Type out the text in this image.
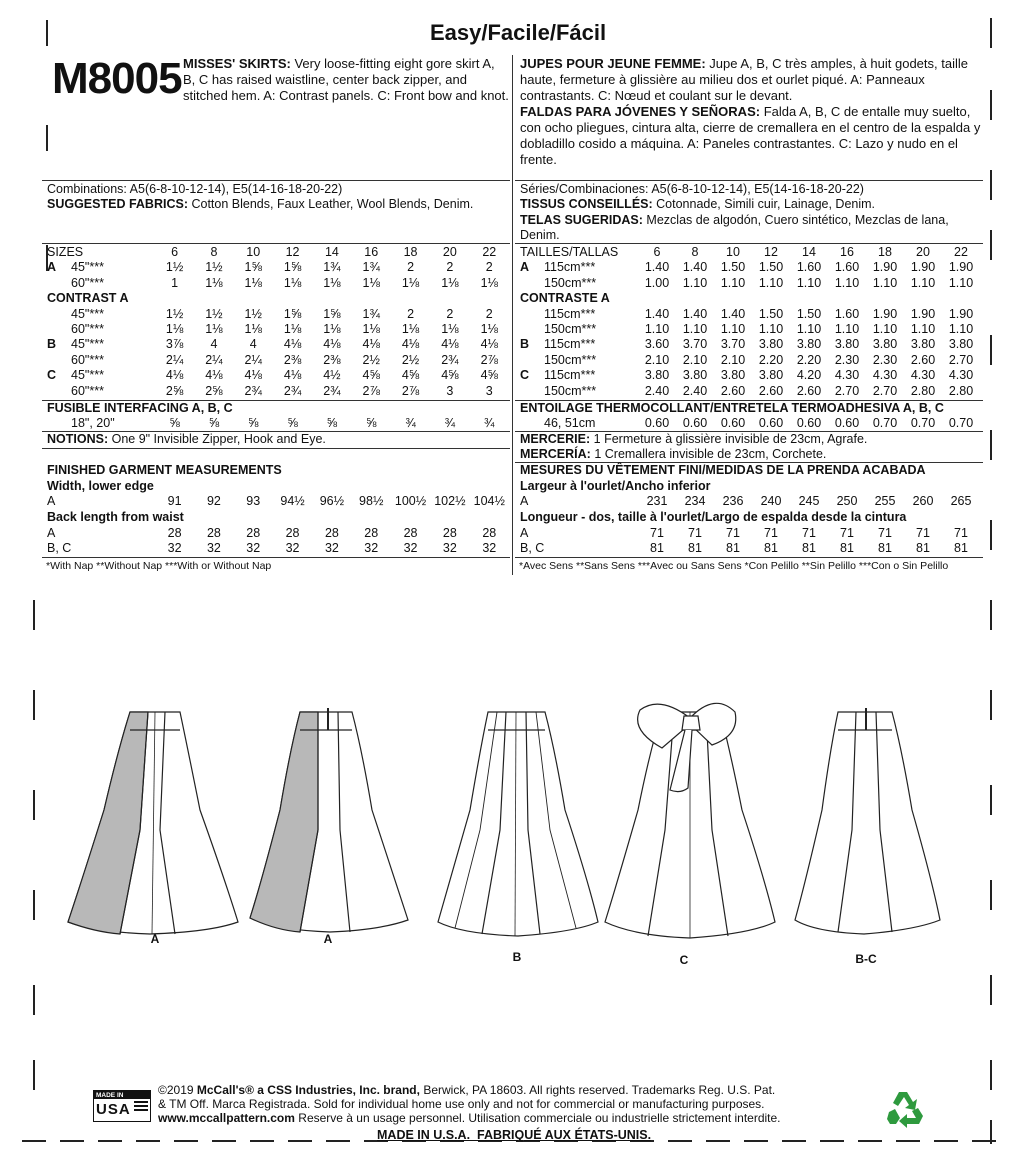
Easy/Facile/Fácil
M8005 MISSES' SKIRTS: Very loose-fitting eight gore skirt A, B, C has raised waistline, center back zipper, and stitched hem. A: Contrast panels. C: Front bow and knot.
JUPES POUR JEUNE FEMME: Jupe A, B, C très amples, à huit godets, taille haute, fermeture à glissière au milieu dos et ourlet piqué. A: Panneaux contrastants. C: Nœud et coulant sur le devant.
FALDAS PARA JÓVENES Y SEÑORAS: Falda A, B, C de entalle muy suelto, con ocho pliegues, cintura alta, cierre de cremallera en el centro de la espalda y dobladillo cosido a máquina. A: Paneles contrastantes. C: Lazo y nudo en el frente.
Combinations: A5(6-8-10-12-14), E5(14-16-18-20-22)
SUGGESTED FABRICS: Cotton Blends, Faux Leather, Wool Blends, Denim.
SIZES	6	8	10	12	14	16	18	20	22
A 45"***	1½	1½	1⅝	1⅝	1¾	1¾	2	2	2
60"***	1	1⅛	1⅛	1⅛	1⅛	1⅛	1⅛	1⅛	1⅛
CONTRAST A									
45"***	1½	1½	1½	1⅝	1⅝	1¾	2	2	2
60"***	1⅛	1⅛	1⅛	1⅛	1⅛	1⅛	1⅛	1⅛	1⅛
B 45"***	3⅞	4	4	4⅛	4⅛	4⅛	4⅛	4⅛	4⅛
60"***	2¼	2¼	2¼	2⅜	2⅜	2½	2½	2¾	2⅞
C 45"***	4⅛	4⅛	4⅛	4⅛	4½	4⅝	4⅝	4⅝	4⅝
60"***	2⅝	2⅝	2¾	2¾	2¾	2⅞	2⅞	3	3
FUSIBLE INTERFACING A, B, C
18", 20"	⅝	⅝	⅝	⅝	⅝	⅝	¾	¾	¾
NOTIONS: One 9" Invisible Zipper, Hook and Eye.
FINISHED GARMENT MEASUREMENTS
Width, lower edge
A	91	92	93	94½	96½	98½	100½	102½	104½
Back length from waist
A	28	28	28	28	28	28	28	28	28
B, C	32	32	32	32	32	32	32	32	32
*With Nap **Without Nap ***With or Without Nap
Séries/Combinaciones: A5(6-8-10-12-14), E5(14-16-18-20-22)
TISSUS CONSEILLÉS: Cotonnade, Simili cuir, Lainage, Denim.
TELAS SUGERIDAS: Mezclas de algodón, Cuero sintético, Mezclas de lana, Denim.
TAILLES/TALLAS	6	8	10	12	14	16	18	20	22
A 115cm***	1.40	1.40	1.50	1.50	1.60	1.60	1.90	1.90	1.90
150cm***	1.00	1.10	1.10	1.10	1.10	1.10	1.10	1.10	1.10
CONTRASTE A									
115cm***	1.40	1.40	1.40	1.50	1.50	1.60	1.90	1.90	1.90
150cm***	1.10	1.10	1.10	1.10	1.10	1.10	1.10	1.10	1.10
B 115cm***	3.60	3.70	3.70	3.80	3.80	3.80	3.80	3.80	3.80
150cm***	2.10	2.10	2.10	2.20	2.20	2.30	2.30	2.60	2.70
C 115cm***	3.80	3.80	3.80	3.80	4.20	4.30	4.30	4.30	4.30
150cm***	2.40	2.40	2.60	2.60	2.60	2.70	2.70	2.80	2.80
ENTOILAGE THERMOCOLLANT/ENTRETELA TERMOADHESIVA A, B, C
46, 51cm	0.60	0.60	0.60	0.60	0.60	0.60	0.70	0.70	0.70
MERCERIE: 1 Fermeture à glissière invisible de 23cm, Agrafe.
MERCERÍA: 1 Cremallera invisible de 23cm, Corchete.
MESURES DU VÊTEMENT FINI/MEDIDAS DE LA PRENDA ACABADA
Largeur à l'ourlet/Ancho inferior
A	231	234	236	240	245	250	255	260	265
Longueur - dos, taille à l'ourlet/Largo de espalda desde la cintura
A	71	71	71	71	71	71	71	71	71
B, C	81	81	81	81	81	81	81	81	81
*Avec Sens **Sans Sens ***Avec ou Sans Sens *Con Pelillo **Sin Pelillo ***Con o Sin Pelillo
A	A
B	C	B-C
MADE IN
USA
©2019 McCall's® a CSS Industries, Inc. brand, Berwick, PA 18603. All rights reserved. Trademarks Reg. U.S. Pat.
& TM Off. Marca Registrada. Sold for individual home use only and not for commercial or manufacturing purposes.
www.mccallpattern.com Reserve à un usage personnel. Utilisation commerciale ou industrielle strictement interdite.
MADE IN U.S.A.  FABRIQUÉ AUX ÉTATS-UNIS.
